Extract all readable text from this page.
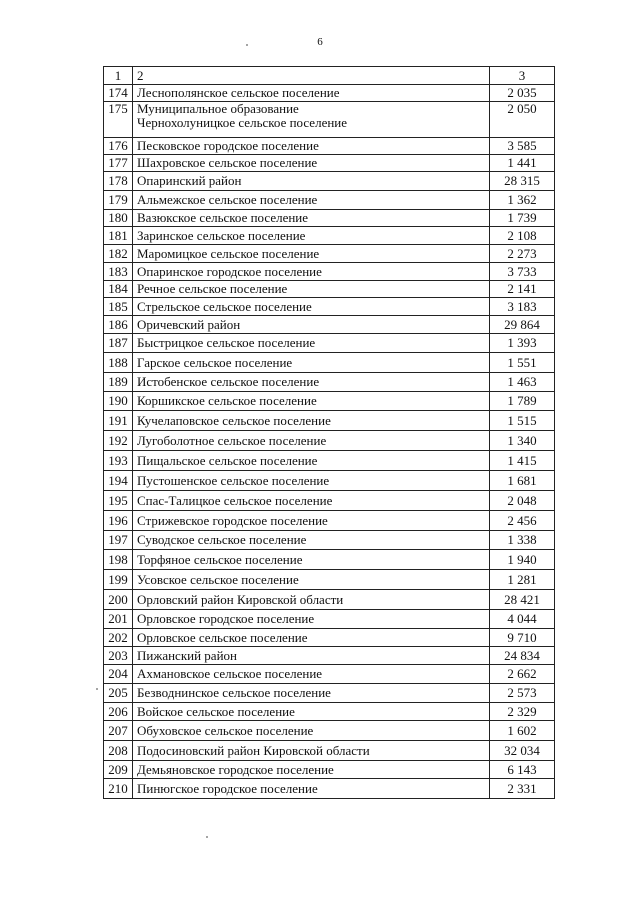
6
1	2	3
174	Леснополянское сельское поселение	2 035
175	Муниципальное образование
Чернохолуницкое сельское поселение	2 050
176	Песковское городское поселение	3 585
177	Шахровское сельское поселение	1 441
178	Опаринский район	28 315
179	Альмежское сельское поселение	1 362
180	Вазюкское сельское поселение	1 739
181	Заринское сельское поселение	2 108
182	Маромицкое сельское поселение	2 273
183	Опаринское городское поселение	3 733
184	Речное сельское поселение	2 141
185	Стрельское сельское поселение	3 183
186	Оричевский район	29 864
187	Быстрицкое сельское поселение	1 393
188	Гарское сельское поселение	1 551
189	Истобенское сельское поселение	1 463
190	Коршикское сельское поселение	1 789
191	Кучелаповское сельское поселение	1 515
192	Лугоболотное сельское поселение	1 340
193	Пищальское сельское поселение	1 415
194	Пустошенское сельское поселение	1 681
195	Спас-Талицкое сельское поселение	2 048
196	Стрижевское городское поселение	2 456
197	Суводское сельское поселение	1 338
198	Торфяное сельское поселение	1 940
199	Усовское сельское поселение	1 281
200	Орловский район Кировской области	28 421
201	Орловское городское поселение	4 044
202	Орловское сельское поселение	9 710
203	Пижанский район	24 834
204	Ахмановское сельское поселение	2 662
205	Безводнинское сельское поселение	2 573
206	Войское сельское поселение	2 329
207	Обуховское сельское поселение	1 602
208	Подосиновский район Кировской области	32 034
209	Демьяновское городское поселение	6 143
210	Пинюгское городское поселение	2 331
